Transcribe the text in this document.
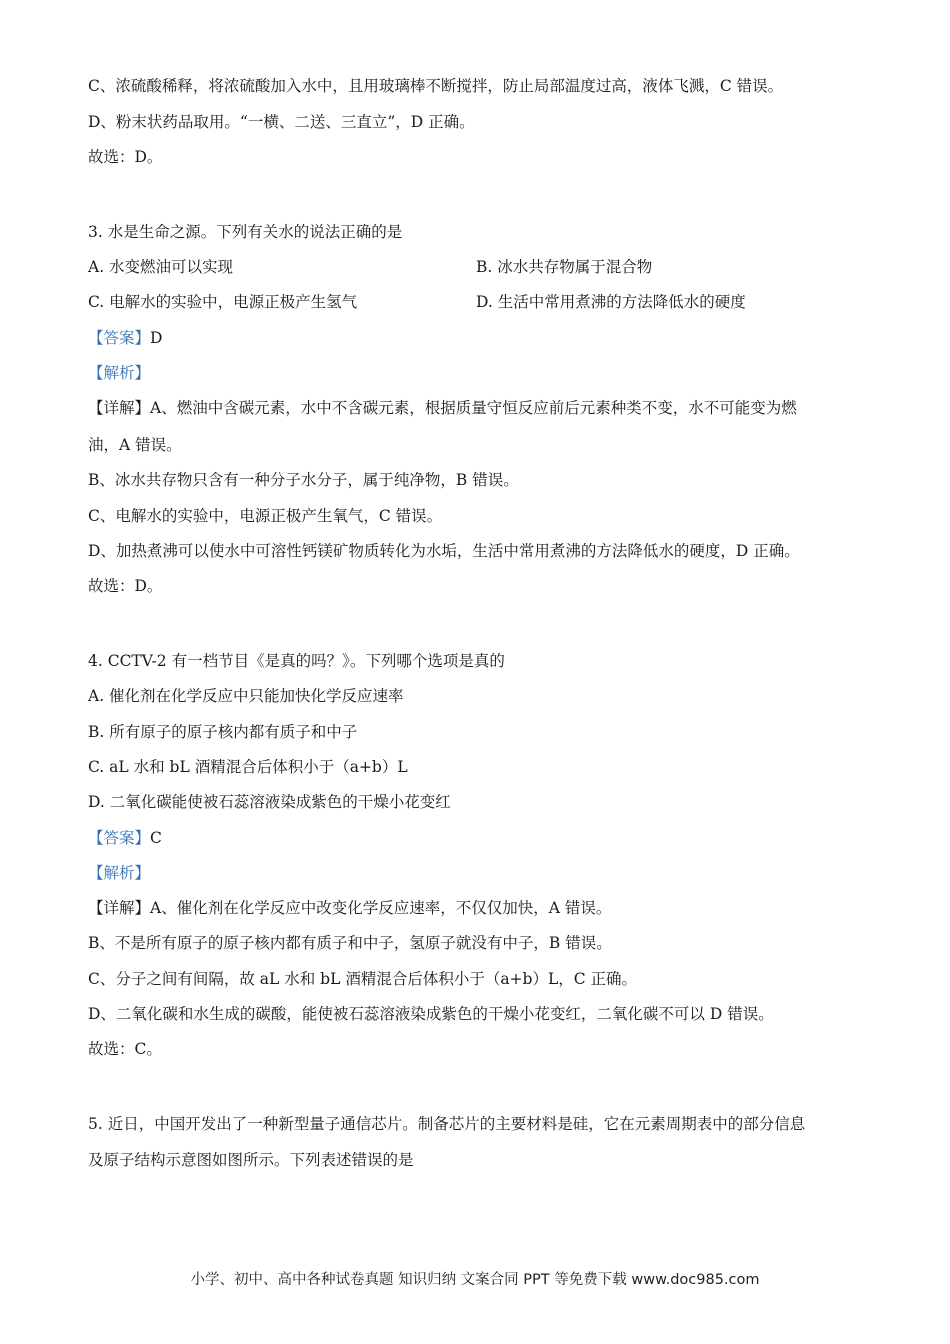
C、浓硫酸稀释，将浓硫酸加入水中，且用玻璃棒不断搅拌，防止局部温度过高，液体飞溅，C 错误。
D、粉末状药品取用。“一横、二送、三直立”，D 正确。
故选：D。
3. 水是生命之源。下列有关水的说法正确的是
A. 水变燃油可以实现	B. 冰水共存物属于混合物
C. 电解水的实验中，电源正极产生氢气	D. 生活中常用煮沸的方法降低水的硬度
【答案】D
【解析】
【详解】A、燃油中含碳元素，水中不含碳元素，根据质量守恒反应前后元素种类不变，水不可能变为燃
油，A 错误。
B、冰水共存物只含有一种分子水分子，属于纯净物，B 错误。
C、电解水的实验中，电源正极产生氧气，C 错误。
D、加热煮沸可以使水中可溶性钙镁矿物质转化为水垢，生活中常用煮沸的方法降低水的硬度，D 正确。
故选：D。
4. CCTV-2 有一档节目《是真的吗？》。下列哪个选项是真的
A. 催化剂在化学反应中只能加快化学反应速率
B. 所有原子的原子核内都有质子和中子
C. aL 水和 bL 酒精混合后体积小于（a+b）L
D. 二氧化碳能使被石蕊溶液染成紫色的干燥小花变红
【答案】C
【解析】
【详解】A、催化剂在化学反应中改变化学反应速率，不仅仅加快，A 错误。
B、不是所有原子的原子核内都有质子和中子，氢原子就没有中子，B 错误。
C、分子之间有间隔，故 aL 水和 bL 酒精混合后体积小于（a+b）L，C 正确。
D、二氧化碳和水生成的碳酸，能使被石蕊溶液染成紫色的干燥小花变红，二氧化碳不可以 D 错误。
故选：C。
5. 近日，中国开发出了一种新型量子通信芯片。制备芯片的主要材料是硅，它在元素周期表中的部分信息
及原子结构示意图如图所示。下列表述错误的是
小学、初中、高中各种试卷真题 知识归纳 文案合同 PPT 等免费下载 www.doc985.com
